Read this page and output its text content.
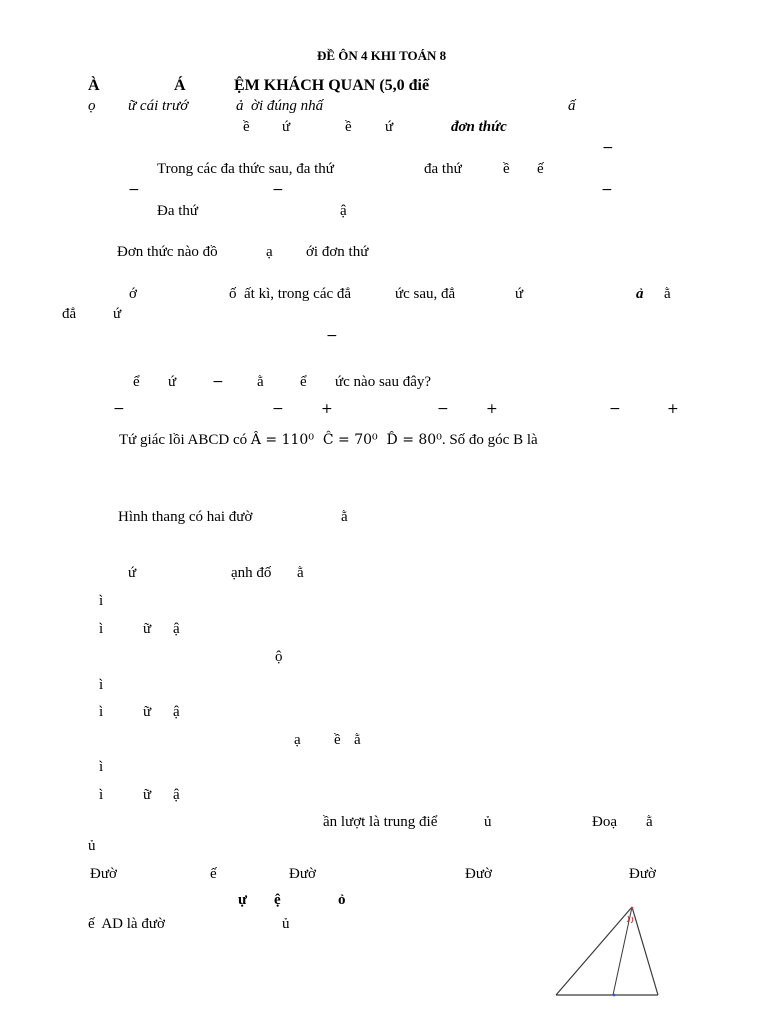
ĐỀ ÔN 4 KHI TOÁN 8
À	Á	ỆM KHÁCH QUAN (5,0 điể
ọ ữ cái trướ	ả  ời đúng nhấ	ấ
ề ứ	ề ứ	đơn thức
−
Trong các đa thức sau, đa thứ	đa thứ	ề ế
−	−	−
Đa thứ	ậ
Đơn thức nào đồ	ạ ới đơn thứ
ớ	ố  ất kì, trong các đẳ	ức sau, đẳ	ứ	ả ằ
đẳ ứ
−
ể ứ	− ằ ể ức nào sau đây?
−	−	+	−	+	−	+
Tứ giác lồi ABCD có Â = 110⁰  Ĉ = 70⁰  D̂ = 80⁰. Số đo góc B là
Hình thang có hai đườ	ằ
ứ	ạnh đố ằ
ì
ì	ữ ậ
ộ
ì
ì	ữ ậ
ạ ề ằ
ì
ì	ữ ậ
ần lượt là trung điể	ủ	Đoạ ằ
ủ
Đườ	ế	Đườ	Đườ	Đườ
ự ệ	ỏ
ế  AD là đườ	ủ
